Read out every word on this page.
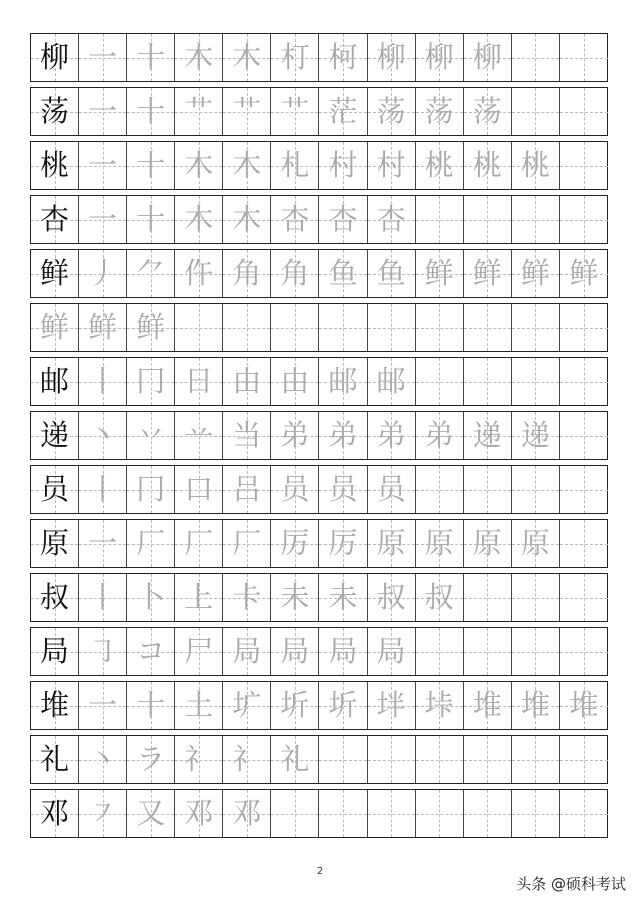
柳 一 十 木 木 朾 柯 柳 柳 柳
荡 一 十 艹 艹 艹 茫 荡 荡 荡
桃 一 十 木 木 札 村 村 桃 桃 桃
杏 一 十 木 木 杏 杏 杏
鲜 丿 ⺈ 仵 角 角 鱼 鱼 鲜 鲜 鲜 鲜
鲜 鲜 鲜
邮 丨 冂 日 由 由 邮 邮
递 丶 丷 䒑 当 弟 弟 弟 弟 递 递
员 丨 冂 口 吕 员 员 员
原 一 厂 厂 厂 厉 厉 原 原 原 原
叔 丨 卜 上 卡 未 未 叔 叔
局 ㇆ コ 尸 局 局 局 局
堆 一 十 土 圹 圻 圻 坢 垰 堆 堆 堆
礼 丶 ラ 礻 礻 礼
邓 ㇇ 又 邓 邓
2
头条 @硕科考试
